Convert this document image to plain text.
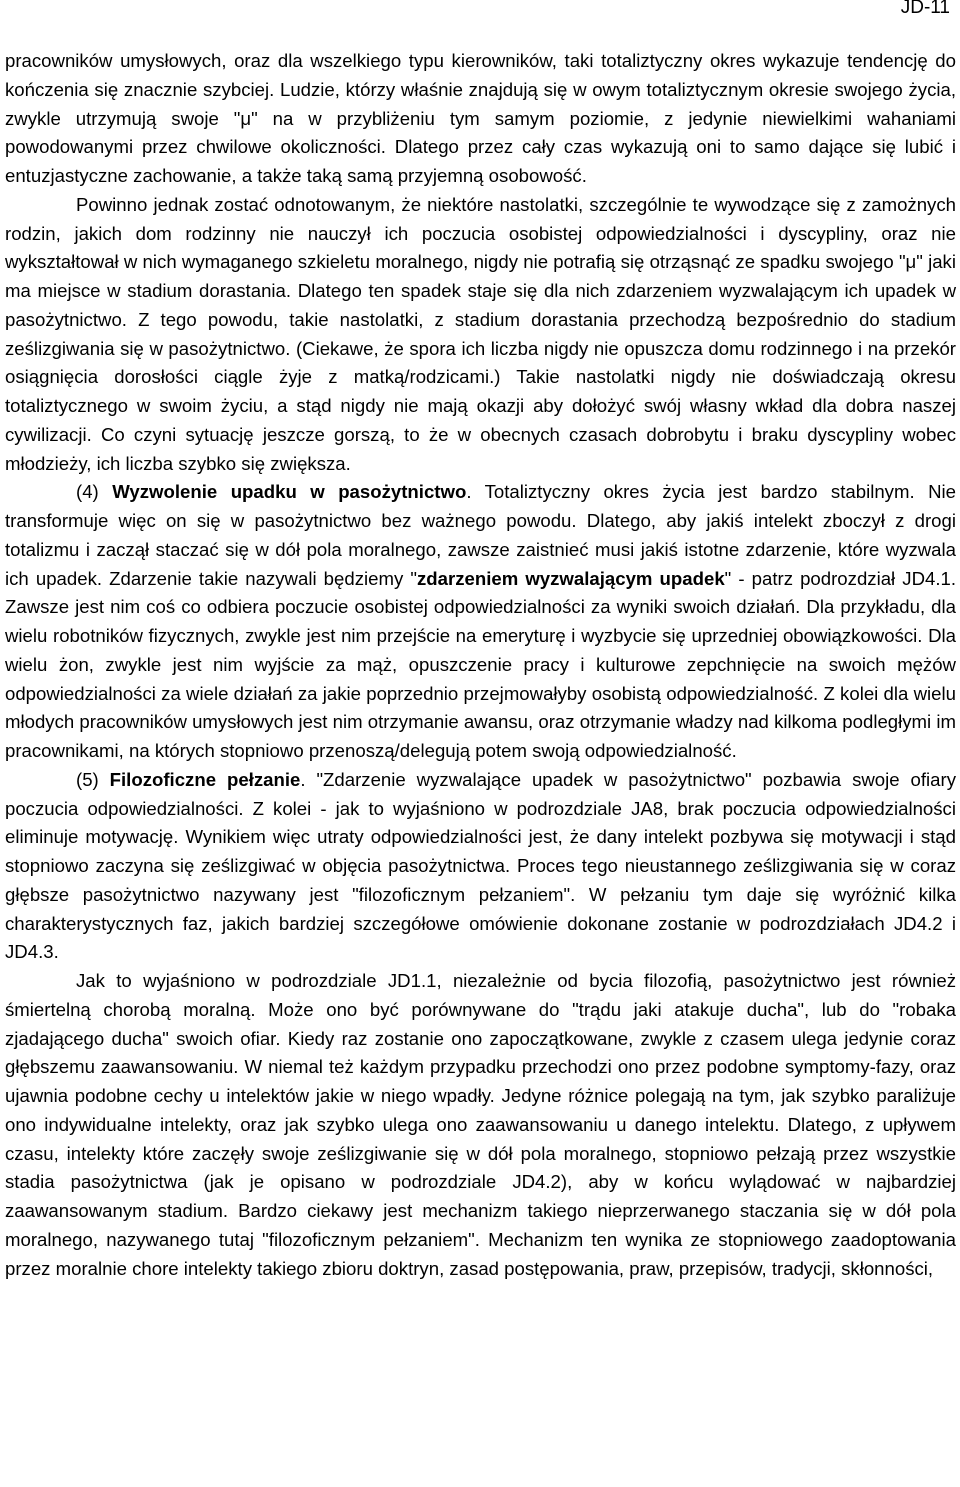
JD-11

pracowników umysłowych, oraz dla wszelkiego typu kierowników, taki totaliztyczny okres wykazuje tendencję do kończenia się znacznie szybciej. Ludzie, którzy właśnie znajdują się w owym totaliztycznym okresie swojego życia, zwykle utrzymują swoje "μ" na w przybliżeniu tym samym poziomie, z jedynie niewielkimi wahaniami powodowanymi przez chwilowe okoliczności. Dlatego przez cały czas wykazują oni to samo dające się lubić i entuzjastyczne zachowanie, a także taką samą przyjemną osobowość.

Powinno jednak zostać odnotowanym, że niektóre nastolatki, szczególnie te wywodzące się z zamożnych rodzin, jakich dom rodzinny nie nauczył ich poczucia osobistej odpowiedzialności i dyscypliny, oraz nie wykształtował w nich wymaganego szkieletu moralnego, nigdy nie potrafią się otrząsnąć ze spadku swojego "μ" jaki ma miejsce w stadium dorastania. Dlatego ten spadek staje się dla nich zdarzeniem wyzwalającym ich upadek w pasożytnictwo. Z tego powodu, takie nastolatki, z stadium dorastania przechodzą bezpośrednio do stadium ześlizgiwania się w pasożytnictwo. (Ciekawe, że spora ich liczba nigdy nie opuszcza domu rodzinnego i na przekór osiągnięcia dorosłości ciągle żyje z matką/rodzicami.) Takie nastolatki nigdy nie doświadczają okresu totaliztycznego w swoim życiu, a stąd nigdy nie mają okazji aby dołożyć swój własny wkład dla dobra naszej cywilizacji. Co czyni sytuację jeszcze gorszą, to że w obecnych czasach dobrobytu i braku dyscypliny wobec młodzieży, ich liczba szybko się zwiększa.

(4) Wyzwolenie upadku w pasożytnictwo. Totaliztyczny okres życia jest bardzo stabilnym. Nie transformuje więc on się w pasożytnictwo bez ważnego powodu. Dlatego, aby jakiś intelekt zboczył z drogi totalizmu i zaczął staczać się w dół pola moralnego, zawsze zaistnieć musi jakiś istotne zdarzenie, które wyzwala ich upadek. Zdarzenie takie nazywali będziemy "zdarzeniem wyzwalającym upadek" - patrz podrozdział JD4.1. Zawsze jest nim coś co odbiera poczucie osobistej odpowiedzialności za wyniki swoich działań. Dla przykładu, dla wielu robotników fizycznych, zwykle jest nim przejście na emeryturę i wyzbycie się uprzedniej obowiązkowości. Dla wielu żon, zwykle jest nim wyjście za mąż, opuszczenie pracy i kulturowe zepchnięcie na swoich mężów odpowiedzialności za wiele działań za jakie poprzednio przejmowałyby osobistą odpowiedzialność. Z kolei dla wielu młodych pracowników umysłowych jest nim otrzymanie awansu, oraz otrzymanie władzy nad kilkoma podległymi im pracownikami, na których stopniowo przenoszą/delegują potem swoją odpowiedzialność.

(5) Filozoficzne pełzanie. "Zdarzenie wyzwalające upadek w pasożytnictwo" pozbawia swoje ofiary poczucia odpowiedzialności. Z kolei - jak to wyjaśniono w podrozdziale JA8, brak poczucia odpowiedzialności eliminuje motywację. Wynikiem więc utraty odpowiedzialności jest, że dany intelekt pozbywa się motywacji i stąd stopniowo zaczyna się ześlizgiwać w objęcia pasożytnictwa. Proces tego nieustannego ześlizgiwania się w coraz głębsze pasożytnictwo nazywany jest "filozoficznym pełzaniem". W pełzaniu tym daje się wyróżnić kilka charakterystycznych faz, jakich bardziej szczegółowe omówienie dokonane zostanie w podrozdziałach JD4.2 i JD4.3.

Jak to wyjaśniono w podrozdziale JD1.1, niezależnie od bycia filozofią, pasożytnictwo jest również śmiertelną chorobą moralną. Może ono być porównywane do "trądu jaki atakuje ducha", lub do "robaka zjadającego ducha" swoich ofiar. Kiedy raz zostanie ono zapoczątkowane, zwykle z czasem ulega jedynie coraz głębszemu zaawansowaniu. W niemal też każdym przypadku przechodzi ono przez podobne symptomy-fazy, oraz ujawnia podobne cechy u intelektów jakie w niego wpadły. Jedyne różnice polegają na tym, jak szybko paraliżuje ono indywidualne intelekty, oraz jak szybko ulega ono zaawansowaniu u danego intelektu. Dlatego, z upływem czasu, intelekty które zaczęły swoje ześlizgiwanie się w dół pola moralnego, stopniowo pełzają przez wszystkie stadia pasożytnictwa (jak je opisano w podrozdziale JD4.2), aby w końcu wylądować w najbardziej zaawansowanym stadium. Bardzo ciekawy jest mechanizm takiego nieprzerwanego staczania się w dół pola moralnego, nazywanego tutaj "filozoficznym pełzaniem". Mechanizm ten wynika ze stopniowego zaadoptowania przez moralnie chore intelekty takiego zbioru doktryn, zasad postępowania, praw, przepisów, tradycji, skłonności,
